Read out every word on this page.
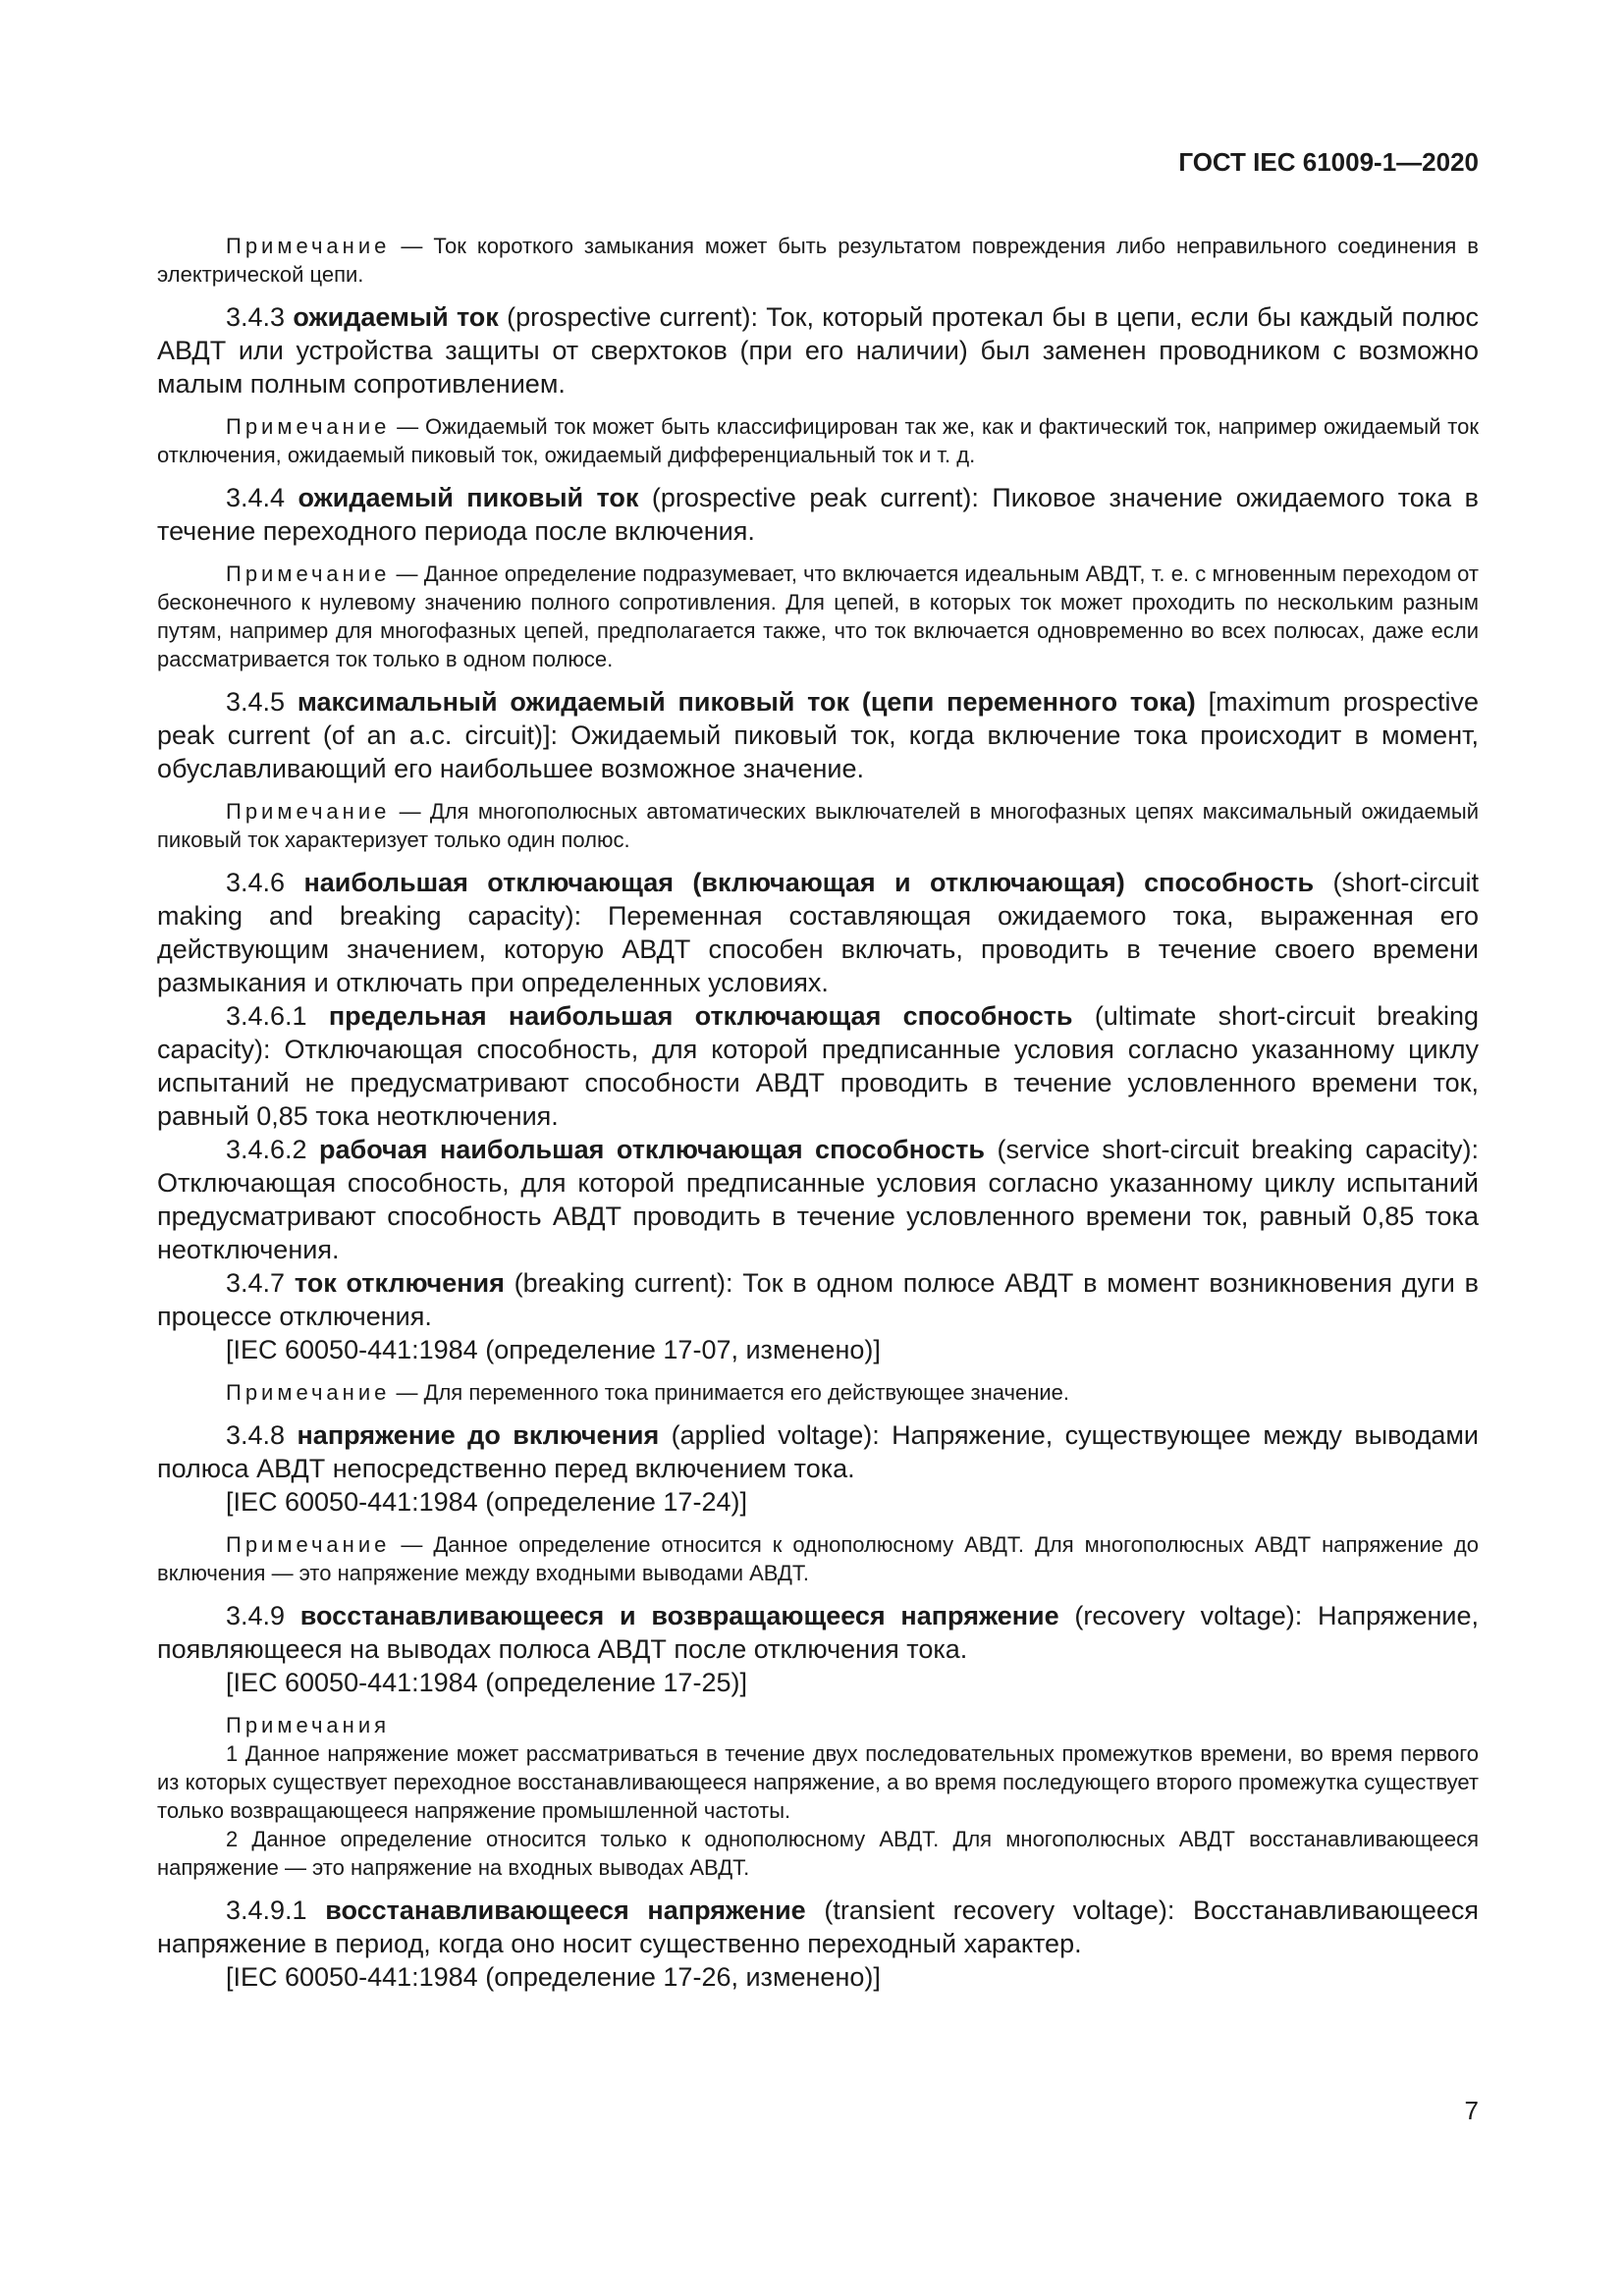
ГОСТ IEC 61009-1—2020

Примечание — Ток короткого замыкания может быть результатом повреждения либо неправильного соединения в электрической цепи.

3.4.3 ожидаемый ток (prospective current): Ток, который протекал бы в цепи, если бы каждый полюс АВДТ или устройства защиты от сверхтоков (при его наличии) был заменен проводником с возможно малым полным сопротивлением.

Примечание — Ожидаемый ток может быть классифицирован так же, как и фактический ток, например ожидаемый ток отключения, ожидаемый пиковый ток, ожидаемый дифференциальный ток и т. д.

3.4.4 ожидаемый пиковый ток (prospective peak current): Пиковое значение ожидаемого тока в течение переходного периода после включения.

Примечание — Данное определение подразумевает, что включается идеальным АВДТ, т. е. с мгновенным переходом от бесконечного к нулевому значению полного сопротивления. Для цепей, в которых ток может проходить по нескольким разным путям, например для многофазных цепей, предполагается также, что ток включается одновременно во всех полюсах, даже если рассматривается ток только в одном полюсе.

3.4.5 максимальный ожидаемый пиковый ток (цепи переменного тока) [maximum prospective peak current (of an a.c. circuit)]: Ожидаемый пиковый ток, когда включение тока происходит в момент, обуславливающий его наибольшее возможное значение.

Примечание — Для многополюсных автоматических выключателей в многофазных цепях максимальный ожидаемый пиковый ток характеризует только один полюс.

3.4.6 наибольшая отключающая (включающая и отключающая) способность (short-circuit making and breaking capacity): Переменная составляющая ожидаемого тока, выраженная его действующим значением, которую АВДТ способен включать, проводить в течение своего времени размыкания и отключать при определенных условиях.

3.4.6.1 предельная наибольшая отключающая способность (ultimate short-circuit breaking capacity): Отключающая способность, для которой предписанные условия согласно указанному циклу испытаний не предусматривают способности АВДТ проводить в течение условленного времени ток, равный 0,85 тока неотключения.

3.4.6.2 рабочая наибольшая отключающая способность (service short-circuit breaking capacity): Отключающая способность, для которой предписанные условия согласно указанному циклу испытаний предусматривают способность АВДТ проводить в течение условленного времени ток, равный 0,85 тока неотключения.

3.4.7 ток отключения (breaking current): Ток в одном полюсе АВДТ в момент возникновения дуги в процессе отключения.

[IEC 60050-441:1984 (определение 17-07, изменено)]

Примечание — Для переменного тока принимается его действующее значение.

3.4.8 напряжение до включения (applied voltage): Напряжение, существующее между выводами полюса АВДТ непосредственно перед включением тока.

[IEC 60050-441:1984 (определение 17-24)]

Примечание — Данное определение относится к однополюсному АВДТ. Для многополюсных АВДТ напряжение до включения — это напряжение между входными выводами АВДТ.

3.4.9 восстанавливающееся и возвращающееся напряжение (recovery voltage): Напряжение, появляющееся на выводах полюса АВДТ после отключения тока.

[IEC 60050-441:1984 (определение 17-25)]

Примечания

1 Данное напряжение может рассматриваться в течение двух последовательных промежутков времени, во время первого из которых существует переходное восстанавливающееся напряжение, а во время последующего второго промежутка существует только возвращающееся напряжение промышленной частоты.

2 Данное определение относится только к однополюсному АВДТ. Для многополюсных АВДТ восстанавливающееся напряжение — это напряжение на входных выводах АВДТ.

3.4.9.1 восстанавливающееся напряжение (transient recovery voltage): Восстанавливающееся напряжение в период, когда оно носит существенно переходный характер.

[IEC 60050-441:1984 (определение 17-26, изменено)]

7
